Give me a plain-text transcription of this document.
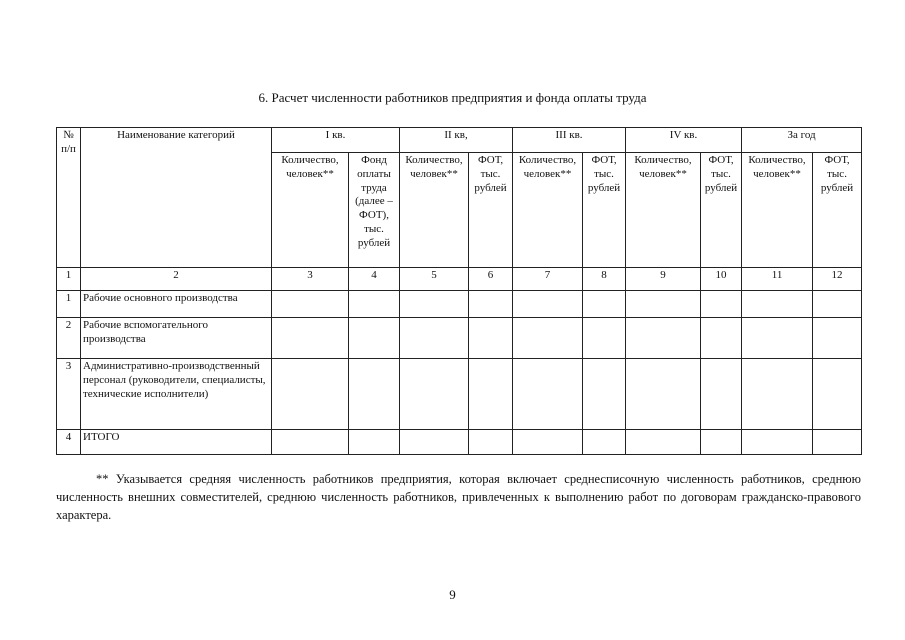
6. Расчет численности работников предприятия и фонда оплаты труда
№ п/п	Наименование категорий	I кв.		II кв,		III кв.		IV кв.		За год	
		Количество, человек**	Фонд оплаты труда (далее – ФОТ), тыс. рублей	Количество, человек**	ФОТ, тыс. рублей	Количество, человек**	ФОТ, тыс. рублей	Количество, человек**	ФОТ, тыс. рублей	Количество, человек**	ФОТ, тыс. рублей
1	2	3	4	5	6	7	8	9	10	11	12
1	Рабочие основного производства										
2	Рабочие вспомогательного производства										
3	Административно-производственный персонал (руководители, специалисты, технические исполнители)										
4	ИТОГО										
** Указывается средняя численность работников предприятия, которая включает среднесписочную численность работников, среднюю численность внешних совместителей, среднюю численность работников, привлеченных к выполнению работ по договорам гражданско-правового характера.
9
